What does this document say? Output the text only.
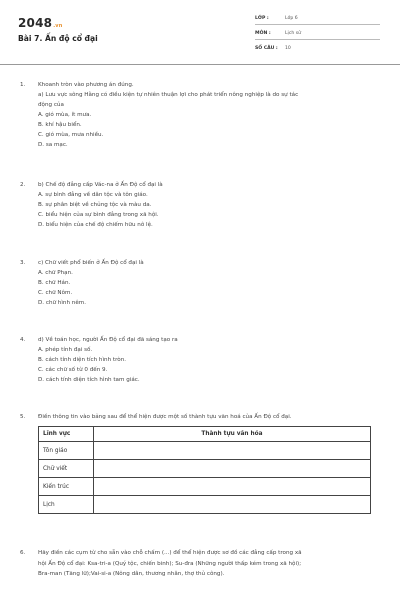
2048.vn
Bài 7. Ấn độ cổ đại
LỚP :	Lớp 6
MÔN :	Lịch sử
SỐ CÂU : 10
1. Khoanh tròn vào phương án đúng.
a) Lưu vực sông Hằng có điều kiện tự nhiên thuận lợi cho phát triển nông nghiệp là do sự tác
động của
A. gió mùa, ít mưa.
B. khí hậu biển.
C. gió mùa, mưa nhiều.
D. sa mạc.
2. b) Chế độ đẳng cấp Vác-na ở Ấn Độ cổ đại là
A. sự bình đẳng về dân tộc và tôn giáo.
B. sự phân biệt về chủng tộc và màu da.
C. biểu hiện của sự bình đẳng trong xã hội.
D. biểu hiện của chế độ chiếm hữu nô lệ.
3. c) Chữ viết phổ biến ở Ấn Độ cổ đại là
A. chữ Phạn.
B. chữ Hán.
C. chữ Nôm.
D. chữ hình nêm.
4. d) Về toán học, người Ấn Độ cổ đại đã sáng tạo ra
A. phép tính đại số.
B. cách tính diện tích hình tròn.
C. các chữ số từ 0 đến 9.
D. cách tính diện tích hình tam giác.
5. Điền thông tin vào bảng sau để thể hiện được một số thành tựu văn hoá của Ấn Độ cổ đại.
Lĩnh vực	Thành tựu văn hóa
Tôn giáo	
Chữ viết	
Kiến trúc	
Lịch	
6. Hãy điền các cụm từ cho sẵn vào chỗ chấm (...) để thể hiện được sơ đồ các đẳng cấp trong xã
hội Ấn Độ cổ đại: Ksa-tri-a (Quý tộc, chiến binh); Su-đra (Những người thấp kém trong xã hội);
Bra-man (Tăng lữ);Vai-si-a (Nông dân, thương nhân, thợ thủ công).
